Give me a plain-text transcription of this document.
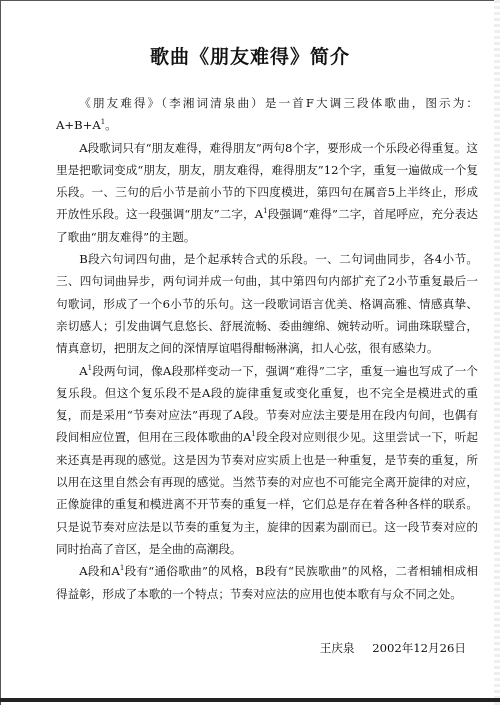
歌曲《朋友难得》简介

《朋友难得》（李湘词清泉曲）是一首F大调三段体歌曲，图示为：$A+B+A^1$。

A段歌词只有“朋友难得，难得朋友”两句8个字，要形成一个乐段必得重复。这里是把歌词变成“朋友，朋友，朋友难得，难得朋友”12个字，重复一遍做成一个复乐段。一、三句的后小节是前小节的下四度模进，第四句在属音5上半终止，形成开放性乐段。这一段强调“朋友”二字，$A^1$段强调“难得”二字，首尾呼应，充分表达了歌曲“朋友难得”的主题。

B段六句词四句曲，是个起承转合式的乐段。一、二句词曲同步，各4小节。三、四句词曲异步，两句词并成一句曲，其中第四句内部扩充了2小节重复最后一句歌词，形成了一个6小节的乐句。这一段歌词语言优美、格调高雅、情感真挚、亲切感人；引发曲调气息悠长、舒展流畅、委曲缠绵、婉转动听。词曲珠联璧合，情真意切，把朋友之间的深情厚谊唱得酣畅淋漓，扣人心弦，很有感染力。

$A^1$段两句词，像A段那样变动一下，强调“难得”二字，重复一遍也写成了一个复乐段。但这个复乐段不是A段的旋律重复或变化重复，也不完全是模进式的重复，而是采用“节奏对应法”再现了A段。节奏对应法主要是用在段内句间，也偶有段间相应位置，但用在三段体歌曲的$A^1$段全段对应则很少见。这里尝试一下，听起来还真是再现的感觉。这是因为节奏对应实质上也是一种重复，是节奏的重复，所以用在这里自然会有再现的感觉。当然节奏的对应也不可能完全离开旋律的对应，正像旋律的重复和模进离不开节奏的重复一样，它们总是存在着各种各样的联系。只是说节奏对应法是以节奏的重复为主，旋律的因素为副而已。这一段节奏对应的同时抬高了音区，是全曲的高潮段。

A段和$A^1$段有“通俗歌曲”的风格，B段有“民族歌曲”的风格，二者相辅相成相得益彰，形成了本歌的一个特点；节奏对应法的应用也使本歌有与众不同之处。

王庆泉 2002年12月26日
